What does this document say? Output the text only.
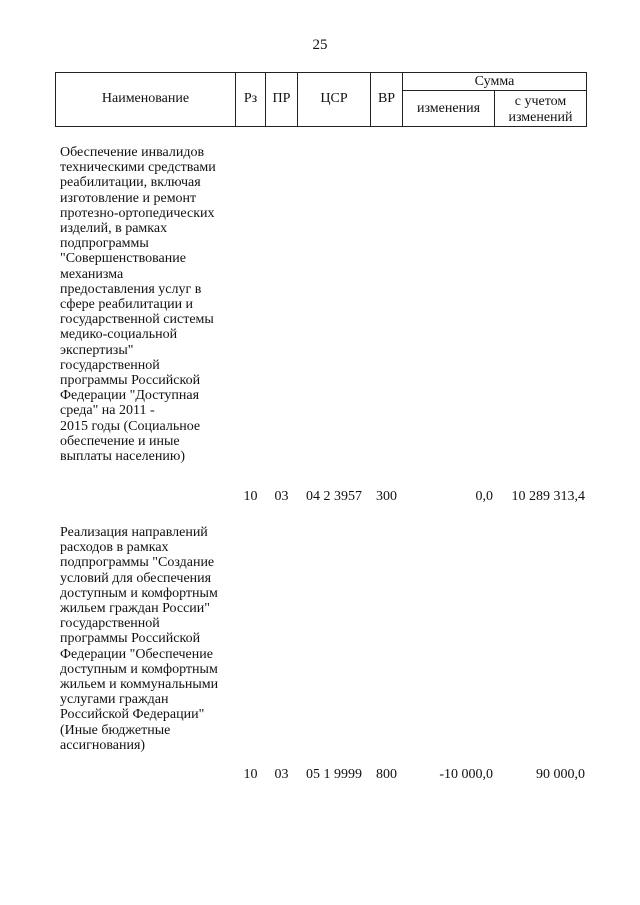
25
Наименование	Рз	ПР	ЦСР	ВР
Сумма
изменения	с учетом
изменений
Обеспечение инвалидов
техническими средствами
реабилитации, включая
изготовление и ремонт
протезно-ортопедических
изделий, в рамках
подпрограммы
"Совершенствование
механизма
предоставления услуг в
сфере реабилитации и
государственной системы
медико-социальной
экспертизы"
государственной
программы Российской
Федерации "Доступная
среда" на 2011 -
2015 годы (Социальное
обеспечение и иные
выплаты населению)
10	03	04 2 3957	300	0,0	10 289 313,4
Реализация направлений
расходов в рамках
подпрограммы "Создание
условий для обеспечения
доступным и комфортным
жильем граждан России"
государственной
программы Российской
Федерации "Обеспечение
доступным и комфортным
жильем и коммунальными
услугами граждан
Российской Федерации"
(Иные бюджетные
ассигнования)
10	03	05 1 9999	800	-10 000,0	90 000,0
